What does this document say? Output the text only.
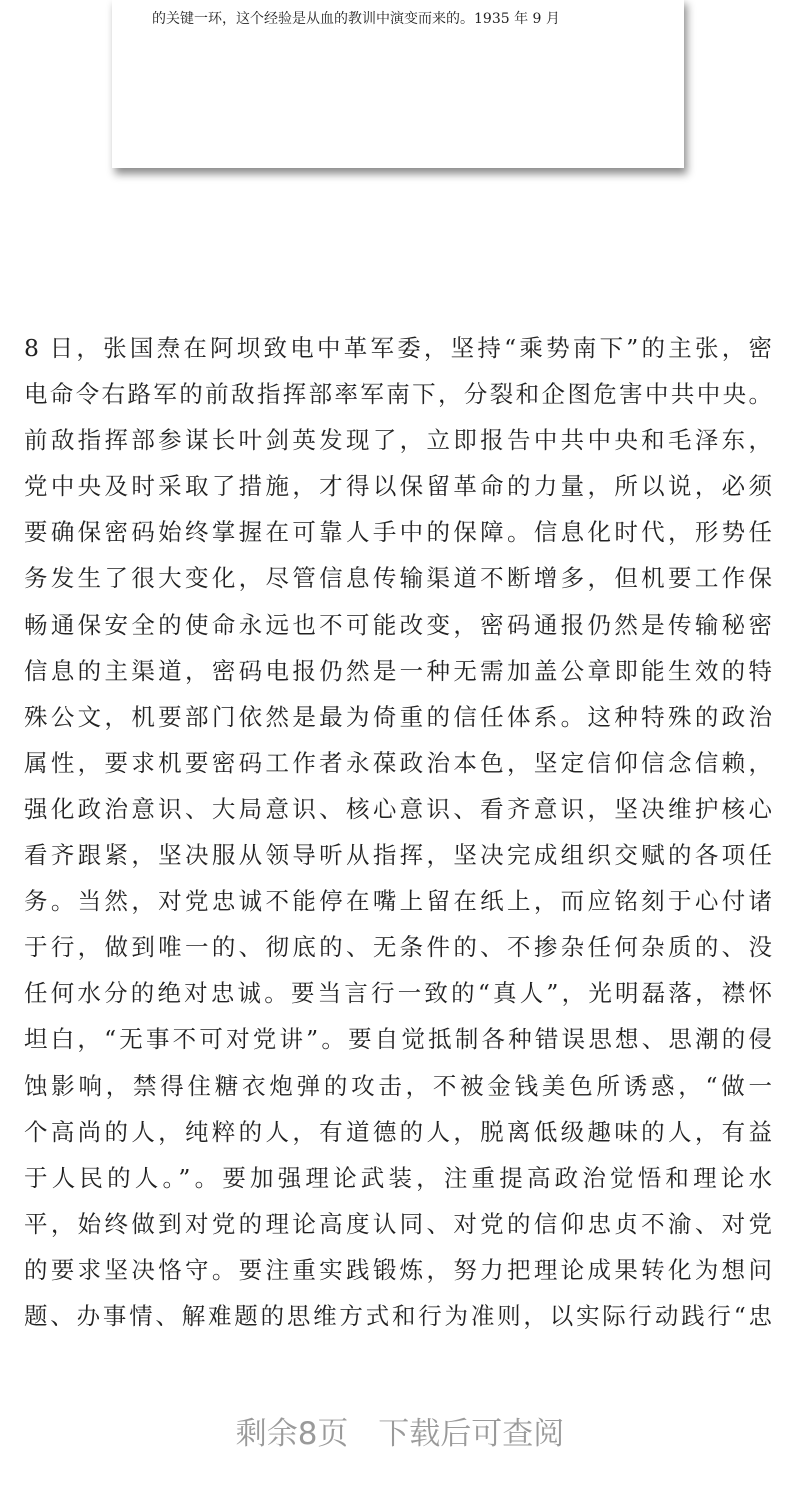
的关键一环，这个经验是从血的教训中演变而来的。1935 年 9 月
8 日，张国焘在阿坝致电中革军委，坚持“乘势南下”的主张，密
电命令右路军的前敌指挥部率军南下，分裂和企图危害中共中央。
前敌指挥部参谋长叶剑英发现了，立即报告中共中央和毛泽东，
党中央及时采取了措施，才得以保留革命的力量，所以说，必须
要确保密码始终掌握在可靠人手中的保障。信息化时代，形势任
务发生了很大变化，尽管信息传输渠道不断增多，但机要工作保
畅通保安全的使命永远也不可能改变，密码通报仍然是传输秘密
信息的主渠道，密码电报仍然是一种无需加盖公章即能生效的特
殊公文，机要部门依然是最为倚重的信任体系。这种特殊的政治
属性，要求机要密码工作者永葆政治本色，坚定信仰信念信赖，
强化政治意识、大局意识、核心意识、看齐意识，坚决维护核心
看齐跟紧，坚决服从领导听从指挥，坚决完成组织交赋的各项任
务。当然，对党忠诚不能停在嘴上留在纸上，而应铭刻于心付诸
于行，做到唯一的、彻底的、无条件的、不掺杂任何杂质的、没
任何水分的绝对忠诚。要当言行一致的“真人”，光明磊落，襟怀
坦白，“无事不可对党讲”。要自觉抵制各种错误思想、思潮的侵
蚀影响，禁得住糖衣炮弹的攻击，不被金钱美色所诱惑，“做一
个高尚的人，纯粹的人，有道德的人，脱离低级趣味的人，有益
于人民的人。”。要加强理论武装，注重提高政治觉悟和理论水
平，始终做到对党的理论高度认同、对党的信仰忠贞不渝、对党
的要求坚决恪守。要注重实践锻炼，努力把理论成果转化为想问
题、办事情、解难题的思维方式和行为准则，以实际行动践行“忠
剩余8页 下载后可查阅
